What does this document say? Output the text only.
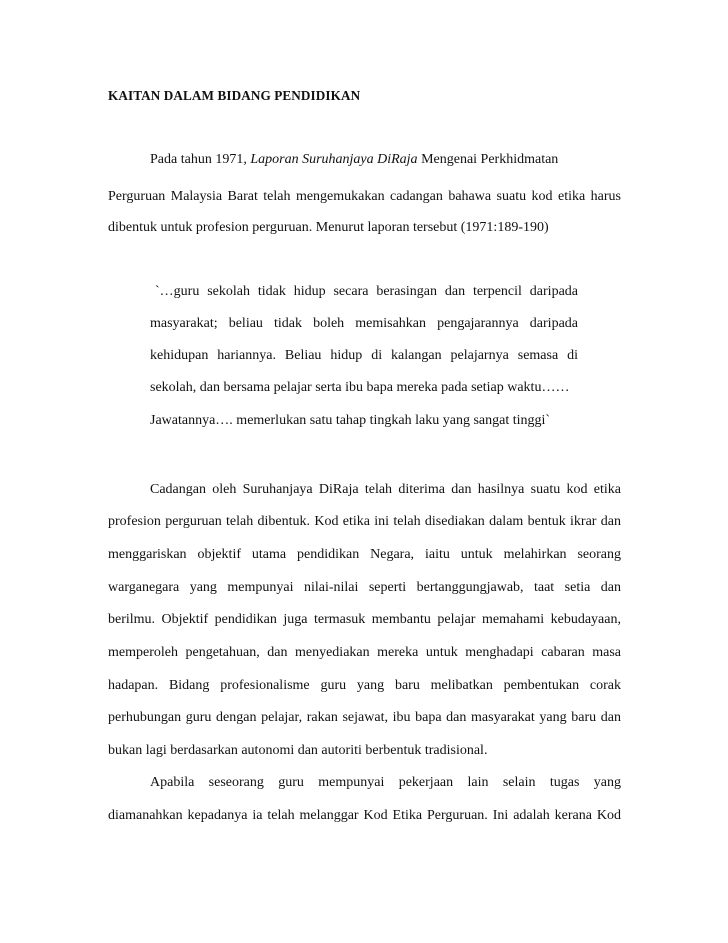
KAITAN DALAM BIDANG PENDIDIKAN
Pada tahun 1971, Laporan Suruhanjaya DiRaja Mengenai Perkhidmatan
Perguruan Malaysia Barat telah mengemukakan cadangan bahawa suatu kod etika harus
dibentuk untuk profesion perguruan. Menurut laporan tersebut (1971:189-190)
`…guru sekolah tidak hidup secara berasingan dan terpencil daripada
masyarakat; beliau tidak boleh memisahkan pengajarannya daripada
kehidupan hariannya. Beliau hidup di kalangan pelajarnya semasa di
sekolah, dan bersama pelajar serta ibu bapa mereka pada setiap waktu……
Jawatannya…. memerlukan satu tahap tingkah laku yang sangat tinggi`
Cadangan oleh Suruhanjaya DiRaja telah diterima dan hasilnya suatu kod etika
profesion perguruan telah dibentuk. Kod etika ini telah disediakan dalam bentuk ikrar dan
menggariskan objektif utama pendidikan Negara, iaitu untuk melahirkan seorang
warganegara yang mempunyai nilai-nilai seperti bertanggungjawab, taat setia dan
berilmu. Objektif pendidikan juga termasuk membantu pelajar memahami kebudayaan,
memperoleh pengetahuan, dan menyediakan mereka untuk menghadapi cabaran masa
hadapan. Bidang profesionalisme guru yang baru melibatkan pembentukan corak
perhubungan guru dengan pelajar, rakan sejawat, ibu bapa dan masyarakat yang baru dan
bukan lagi berdasarkan autonomi dan autoriti berbentuk tradisional.
Apabila seseorang guru mempunyai pekerjaan lain selain tugas yang
diamanahkan kepadanya ia telah melanggar Kod Etika Perguruan. Ini adalah kerana Kod
